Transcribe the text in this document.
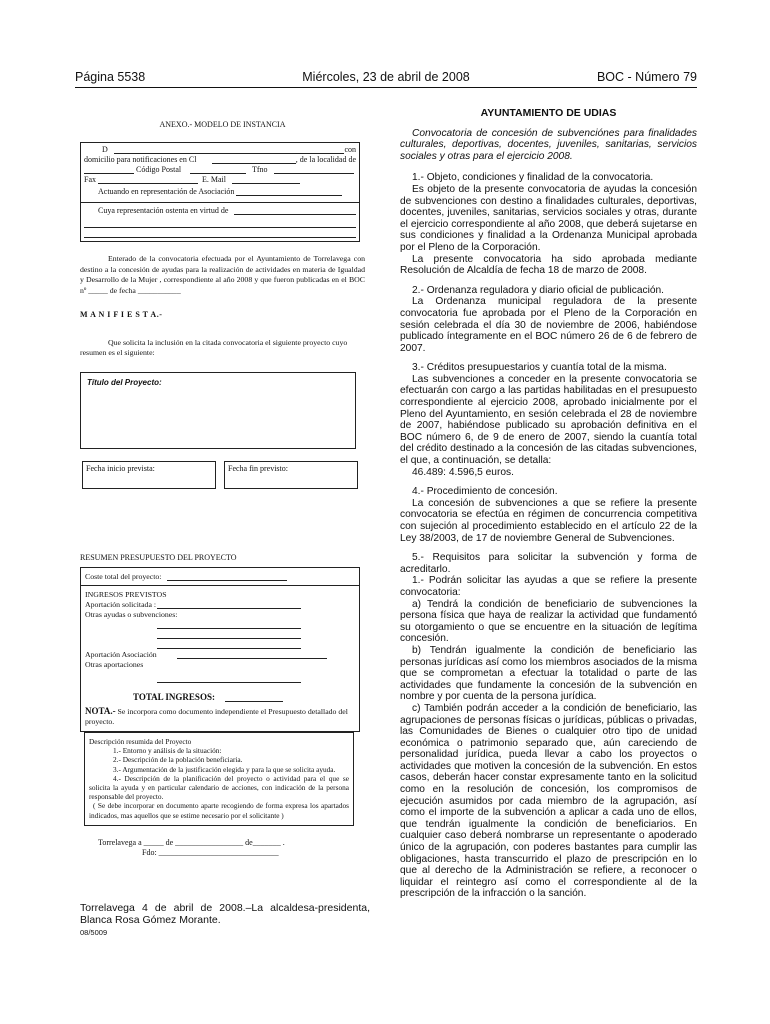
Página 5538	Miércoles, 23 de abril de 2008	BOC - Número 79
ANEXO.- MODELO DE INSTANCIA
D	con
domicilio para notificaciones en Cl	, de la localidad de
Código Postal	Tfno
Fax	E. Mail
Actuando en representación de Asociación
Cuya representación ostenta en virtud de
Enterado de la convocatoria efectuada por el Ayuntamiento de Torrelavega con destino a la concesión de ayudas para la realización de actividades en materia de Igualdad y Desarrollo de la Mujer , correspondiente al año 2008 y que fueron publicadas en el BOC nº _____ de fecha ___________
M A N I F I E S T A.-
Que solicita la inclusión en la citada convocatoria el siguiente proyecto cuyo resumen es el siguiente:
Título del Proyecto:
Fecha inicio prevista:	Fecha fin previsto:
RESUMEN PRESUPUESTO DEL PROYECTO
Coste total del proyecto:
INGRESOS PREVISTOS
Aportación solicitada :
Otras ayudas o subvenciones:
Aportación Asociación
Otras aportaciones
TOTAL INGRESOS:
NOTA.- Se incorpora como documento independiente el Presupuesto detallado del proyecto.
Descripción resumida del Proyecto
1.- Entorno y análisis de la situación:
2.- Descripción de la población beneficiaria.
3.- Argumentación de la justificación elegida y para la que se solicita ayuda.
4.- Descripción de la planificación del proyecto o actividad para el que se solicita la ayuda y en particular calendario de acciones, con indicación de la persona responsable del proyecto.
( Se debe incorporar en documento aparte recogiendo de forma expresa los apartados indicados, mas aquellos que se estime necesario por el solicitante )
Torrelavega a _____ de _________________ de_______ .
Fdo: ______________________________
Torrelavega 4 de abril de 2008.–La alcaldesa-presidenta, Blanca Rosa Gómez Morante.
08/5009

AYUNTAMIENTO DE UDIAS

Convocatoria de concesión de subvenciónes para finalidades culturales, deportivas, docentes, juveniles, sanitarias, servicios sociales y otras para el ejercicio 2008.

1.- Objeto, condiciones y finalidad de la convocatoria.

Es objeto de la presente convocatoria de ayudas la concesión de subvenciones con destino a finalidades culturales, deportivas, docentes, juveniles, sanitarias, servicios sociales y otras, durante el ejercicio correspondiente al año 2008, que deberá sujetarse en sus condiciones y finalidad a la Ordenanza Municipal aprobada por el Pleno de la Corporación.

La presente convocatoria ha sido aprobada mediante Resolución de Alcaldía de fecha 18 de marzo de 2008.

2.- Ordenanza reguladora y diario oficial de publicación.

La Ordenanza municipal reguladora de la presente convocatoria fue aprobada por el Pleno de la Corporación en sesión celebrada el día 30 de noviembre de 2006, habiéndose publicado íntegramente en el BOC número 26 de 6 de febrero de 2007.

3.- Créditos presupuestarios y cuantía total de la misma.

Las subvenciones a conceder en la presente convocatoria se efectuarán con cargo a las partidas habilitadas en el presupuesto correspondiente al ejercicio 2008, aprobado inicialmente por el Pleno del Ayuntamiento, en sesión celebrada el 28 de noviembre de 2007, habiéndose publicado su aprobación definitiva en el BOC número 6, de 9 de enero de 2007, siendo la cuantía total del crédito destinado a la concesión de las citadas subvenciones, el que, a continuación, se detalla:

46.489: 4.596,5 euros.

4.- Procedimiento de concesión.

La concesión de subvenciones a que se refiere la presente convocatoria se efectúa en régimen de concurrencia competitiva con sujeción al procedimiento establecido en el artículo 22 de la Ley 38/2003, de 17 de noviembre General de Subvenciones.

5.- Requisitos para solicitar la subvención y forma de acreditarlo.

1.- Podrán solicitar las ayudas a que se refiere la presente convocatoria:

a) Tendrá la condición de beneficiario de subvenciones la persona física que haya de realizar la actividad que fundamentó su otorgamiento o que se encuentre en la situación de legítima concesión.

b) Tendrán igualmente la condición de beneficiario las personas jurídicas así como los miembros asociados de la misma que se comprometan a efectuar la totalidad o parte de las actividades que fundamente la concesión de la subvención en nombre y por cuenta de la persona jurídica.

c) También podrán acceder a la condición de beneficiario, las agrupaciones de personas físicas o jurídicas, públicas o privadas, las Comunidades de Bienes o cualquier otro tipo de unidad económica o patrimonio separado que, aún careciendo de personalidad jurídica, pueda llevar a cabo los proyectos o actividades que motiven la concesión de la subvención. En estos casos, deberán hacer constar expresamente tanto en la solicitud como en la resolución de concesión, los compromisos de ejecución asumidos por cada miembro de la agrupación, así como el importe de la subvención a aplicar a cada uno de ellos, que tendrán igualmente la condición de beneficiarios. En cualquier caso deberá nombrarse un representante o apoderado único de la agrupación, con poderes bastantes para cumplir las obligaciones, hasta transcurrido el plazo de prescripción en lo que al derecho de la Administración se refiere, a reconocer o liquidar el reintegro así como el correspondiente al de la prescripción de la infracción o la sanción.
